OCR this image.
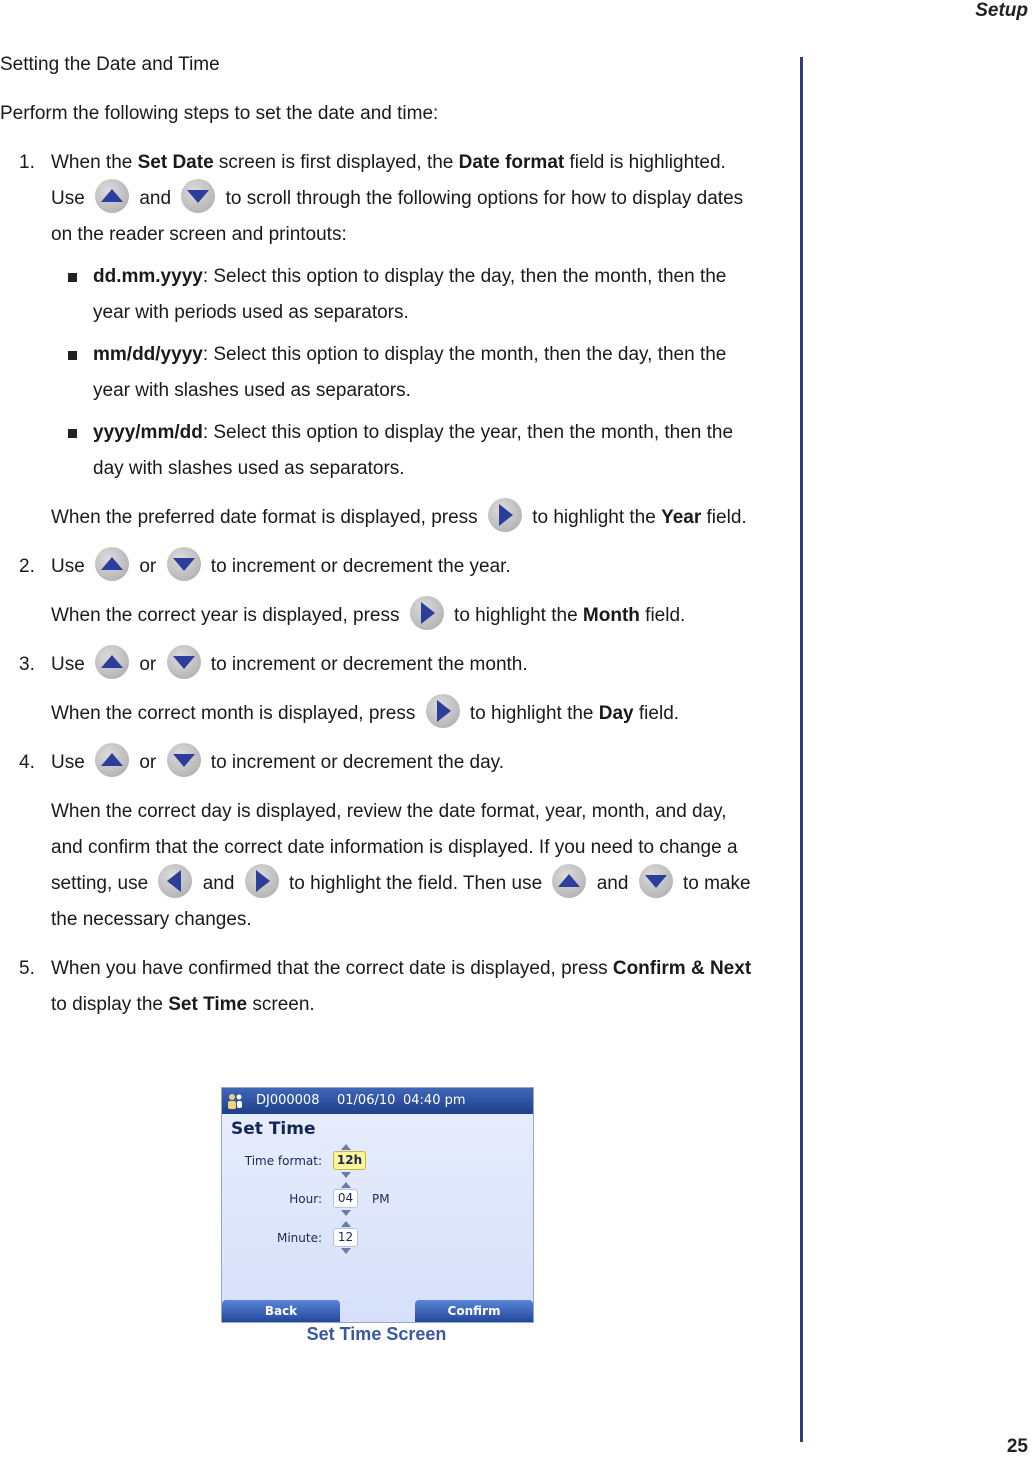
Setup
Setting the Date and Time
Perform the following steps to set the date and time:
1. When the Set Date screen is first displayed, the Date format field is highlighted. Use
and
to scroll through the following options for how to display dates on the reader screen and printouts:
dd.mm.yyyy: Select this option to display the day, then the month, then the year with periods used as separators.
mm/dd/yyyy: Select this option to display the month, then the day, then the year with slashes used as separators.
yyyy/mm/dd: Select this option to display the year, then the month, then the day with slashes used as separators.
When the preferred date format is displayed, press
to highlight the Year field.
2. Use
or
to increment or decrement the year.
When the correct year is displayed, press
to highlight the Month field.
3. Use
or
to increment or decrement the month.
When the correct month is displayed, press
to highlight the Day field.
4. Use
or
to increment or decrement the day.
When the correct day is displayed, review the date format, year, month, and day, and confirm that the correct date information is displayed. If you need to change a setting, use
and
to highlight the field. Then use
and
to make the necessary changes.
5. When you have confirmed that the correct date is displayed, press Confirm & Next to display the Set Time screen.
DJ000008 01/06/10 04:40 pm
Set Time
Time format:	12h
Hour:	04	PM
Minute:	12
Back	Confirm
Set Time Screen
25
